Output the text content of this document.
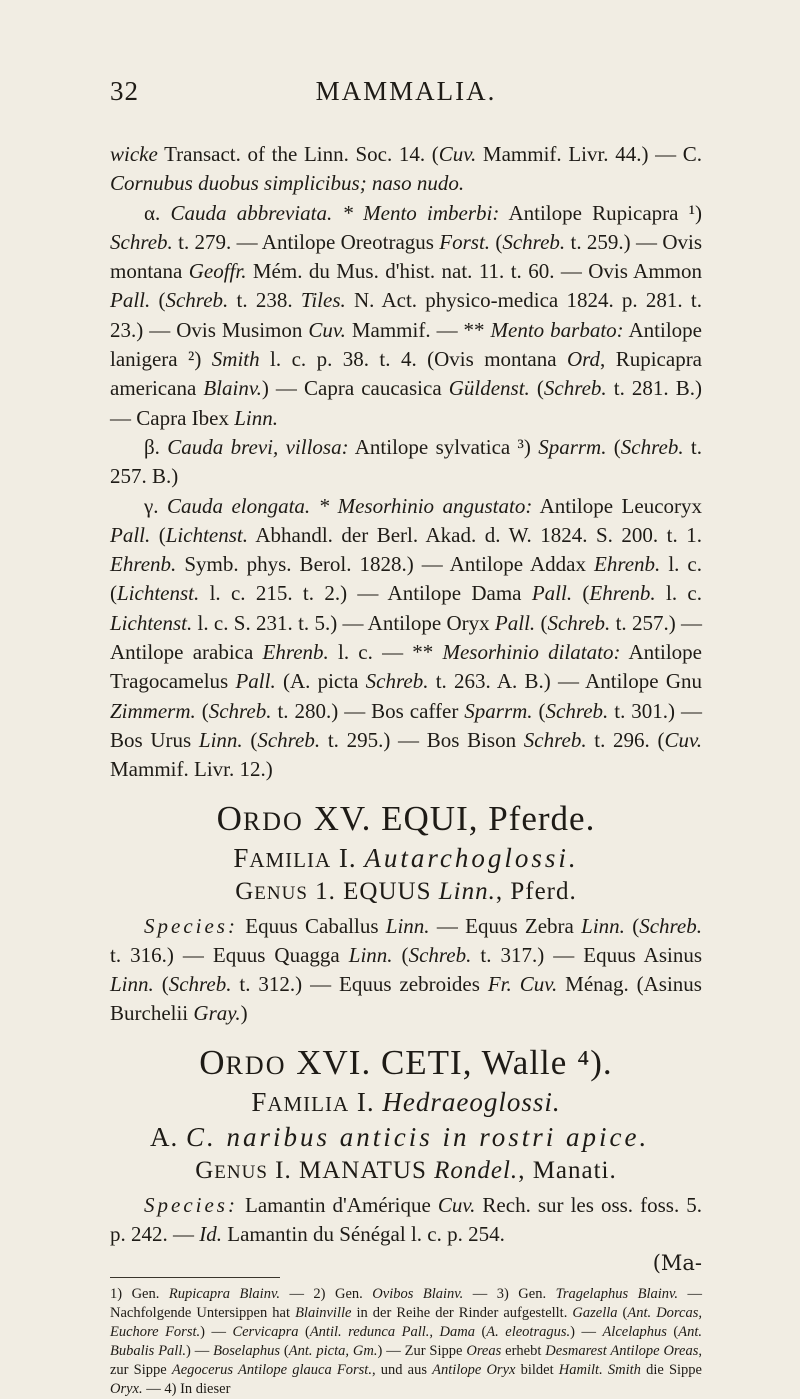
32	MAMMALIA.

wicke Transact. of the Linn. Soc. 14. (Cuv. Mammif. Livr. 44.) — C. Cornubus duobus simplicibus; naso nudo.

α. Cauda abbreviata. * Mento imberbi: Antilope Rupicapra ¹) Schreb. t. 279. — Antilope Oreotragus Forst. (Schreb. t. 259.) — Ovis montana Geoffr. Mém. du Mus. d'hist. nat. 11. t. 60. — Ovis Ammon Pall. (Schreb. t. 238. Tiles. N. Act. physico-medica 1824. p. 281. t. 23.) — Ovis Musimon Cuv. Mammif. — ** Mento barbato: Antilope lanigera ²) Smith l. c. p. 38. t. 4. (Ovis montana Ord, Rupicapra americana Blainv.) — Capra caucasica Güldenst. (Schreb. t. 281. B.) — Capra Ibex Linn.

β. Cauda brevi, villosa: Antilope sylvatica ³) Sparrm. (Schreb. t. 257. B.)

γ. Cauda elongata. * Mesorhinio angustato: Antilope Leucoryx Pall. (Lichtenst. Abhandl. der Berl. Akad. d. W. 1824. S. 200. t. 1. Ehrenb. Symb. phys. Berol. 1828.) — Antilope Addax Ehrenb. l. c. (Lichtenst. l. c. 215. t. 2.) — Antilope Dama Pall. (Ehrenb. l. c. Lichtenst. l. c. S. 231. t. 5.) — Antilope Oryx Pall. (Schreb. t. 257.) — Antilope arabica Ehrenb. l. c. — ** Mesorhinio dilatato: Antilope Tragocamelus Pall. (A. picta Schreb. t. 263. A. B.) — Antilope Gnu Zimmerm. (Schreb. t. 280.) — Bos caffer Sparrm. (Schreb. t. 301.) — Bos Urus Linn. (Schreb. t. 295.) — Bos Bison Schreb. t. 296. (Cuv. Mammif. Livr. 12.)

ORDO XV. EQUI, Pferde.
FAMILIA I. Autarchoglossi.
GENUS 1. EQUUS Linn., Pferd.

Species: Equus Caballus Linn. — Equus Zebra Linn. (Schreb. t. 316.) — Equus Quagga Linn. (Schreb. t. 317.) — Equus Asinus Linn. (Schreb. t. 312.) — Equus zebroides Fr. Cuv. Ménag. (Asinus Burchelii Gray.)

ORDO XVI. CETI, Walle ⁴).
FAMILIA I. Hedraeoglossi.
A. C. naribus anticis in rostri apice.
GENUS I. MANATUS Rondel., Manati.

Species: Lamantin d'Amérique Cuv. Rech. sur les oss. foss. 5. p. 242. — Id. Lamantin du Sénégal l. c. p. 254.

(Ma-

1) Gen. Rupicapra Blainv. — 2) Gen. Ovibos Blainv. — 3) Gen. Tragelaphus Blainv. — Nachfolgende Untersippen hat Blainville in der Reihe der Rinder aufgestellt. Gazella (Ant. Dorcas, Euchore Forst.) — Cervicapra (Antil. redunca Pall., Dama (A. eleotragus.) — Alcelaphus (Ant. Bubalis Pall.) — Boselaphus (Ant. picta, Gm.) — Zur Sippe Oreas erhebt Desmarest Antilope Oreas, zur Sippe Aegocerus Antilope glauca Forst., und aus Antilope Oryx bildet Hamilt. Smith die Sippe Oryx. — 4) In dieser
